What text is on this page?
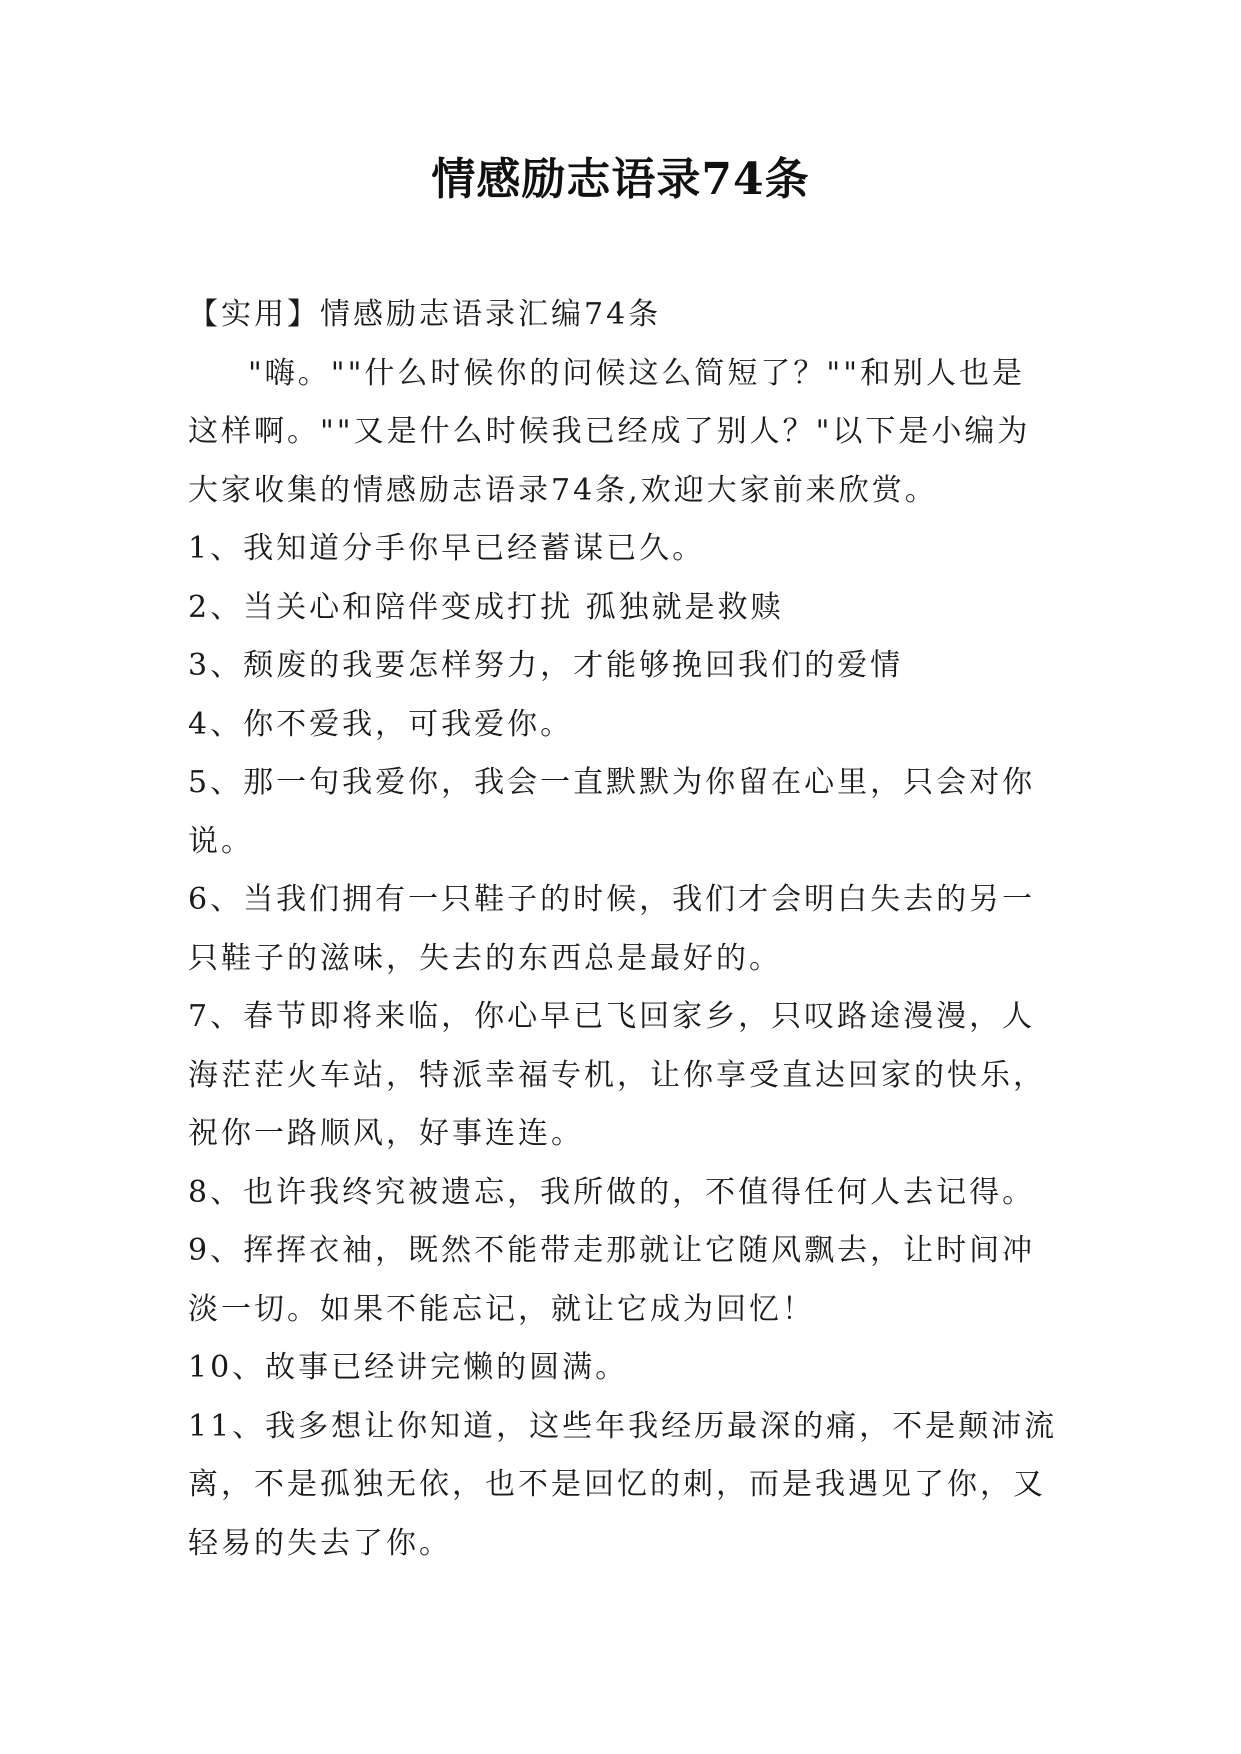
情感励志语录74条

【实用】情感励志语录汇编74条

"嗨。""什么时候你的问候这么简短了？""和别人也是
这样啊。""又是什么时候我已经成了别人？"以下是小编为
大家收集的情感励志语录74条,欢迎大家前来欣赏。

1、我知道分手你早已经蓄谋已久。

2、当关心和陪伴变成打扰 孤独就是救赎

3、颓废的我要怎样努力，才能够挽回我们的爱情

4、你不爱我，可我爱你。

5、那一句我爱你，我会一直默默为你留在心里，只会对你
说。

6、当我们拥有一只鞋子的时候，我们才会明白失去的另一
只鞋子的滋味，失去的东西总是最好的。

7、春节即将来临，你心早已飞回家乡，只叹路途漫漫，人
海茫茫火车站，特派幸福专机，让你享受直达回家的快乐，
祝你一路顺风，好事连连。

8、也许我终究被遗忘，我所做的，不值得任何人去记得。

9、挥挥衣袖，既然不能带走那就让它随风飘去，让时间冲
淡一切。如果不能忘记，就让它成为回忆！

10、故事已经讲完懒的圆满。

11、我多想让你知道，这些年我经历最深的痛，不是颠沛流
离，不是孤独无依，也不是回忆的刺，而是我遇见了你，又
轻易的失去了你。
